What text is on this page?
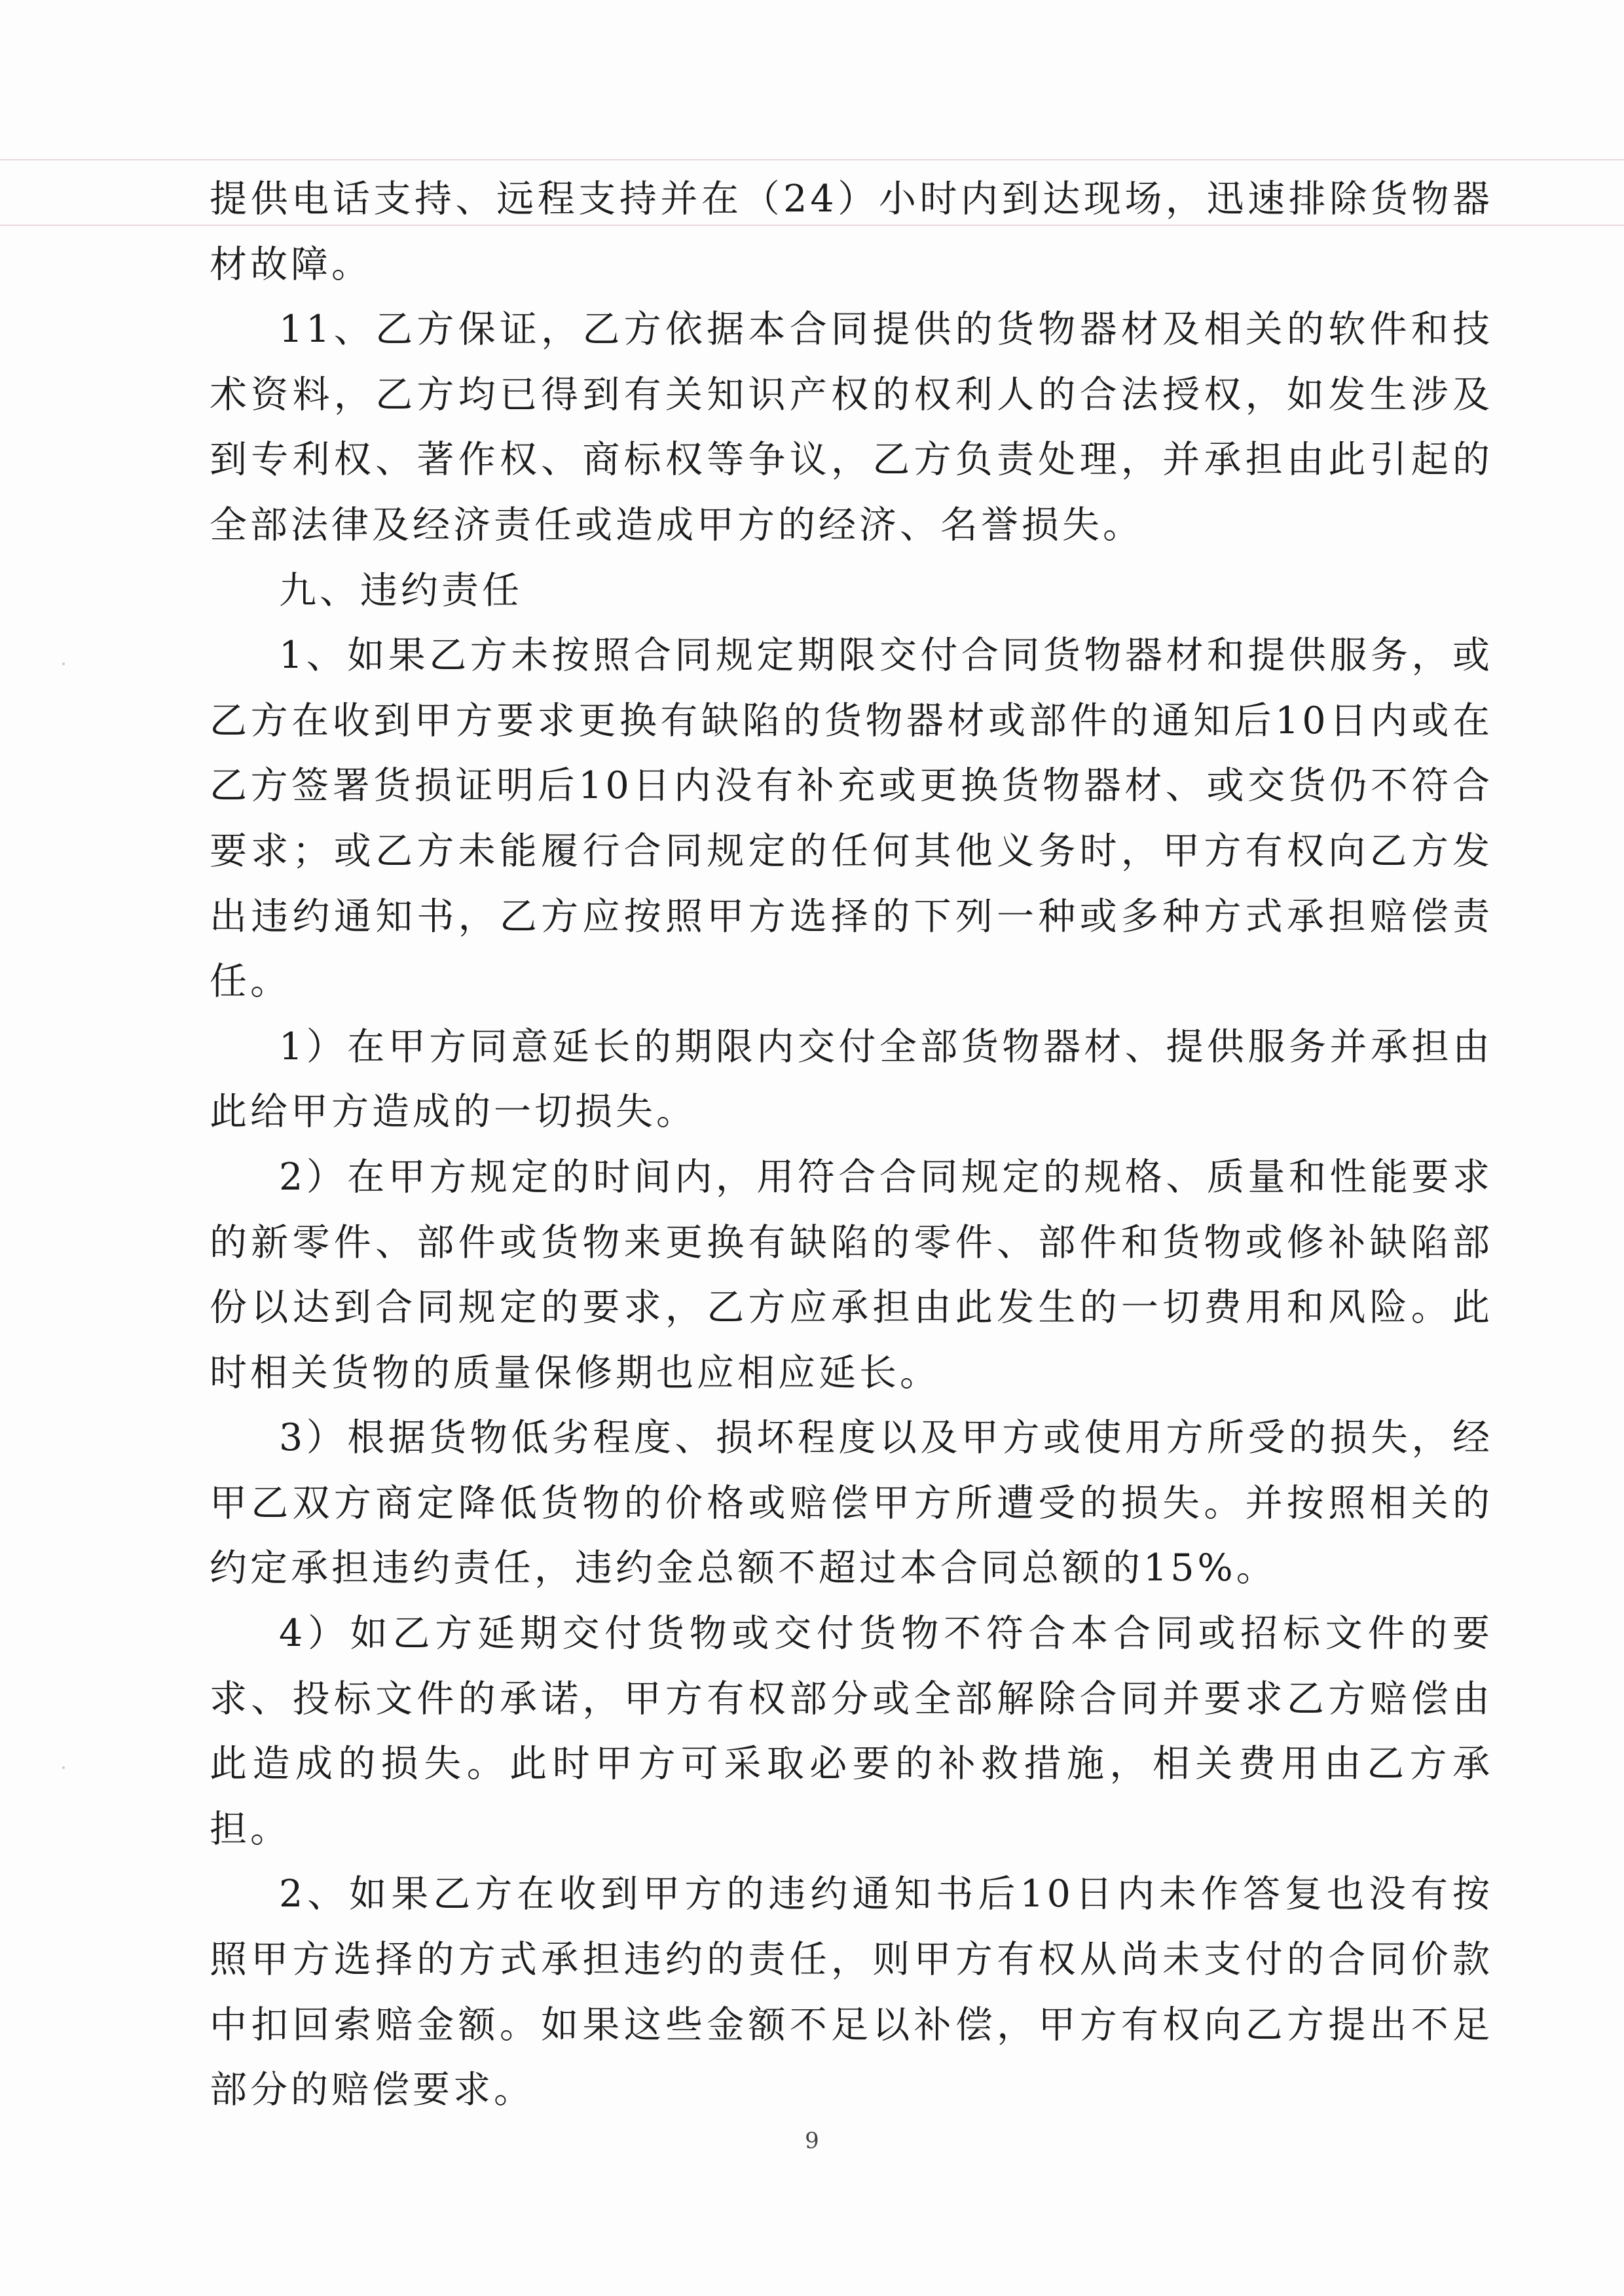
提供电话支持、远程支持并在（24）小时内到达现场，迅速排除货物器材故障。

11、乙方保证，乙方依据本合同提供的货物器材及相关的软件和技术资料，乙方均已得到有关知识产权的权利人的合法授权，如发生涉及到专利权、著作权、商标权等争议，乙方负责处理，并承担由此引起的全部法律及经济责任或造成甲方的经济、名誉损失。

九、违约责任

1、如果乙方未按照合同规定期限交付合同货物器材和提供服务，或乙方在收到甲方要求更换有缺陷的货物器材或部件的通知后10日内或在乙方签署货损证明后10日内没有补充或更换货物器材、或交货仍不符合要求；或乙方未能履行合同规定的任何其他义务时，甲方有权向乙方发出违约通知书，乙方应按照甲方选择的下列一种或多种方式承担赔偿责任。

1）在甲方同意延长的期限内交付全部货物器材、提供服务并承担由此给甲方造成的一切损失。

2）在甲方规定的时间内，用符合合同规定的规格、质量和性能要求的新零件、部件或货物来更换有缺陷的零件、部件和货物或修补缺陷部份以达到合同规定的要求，乙方应承担由此发生的一切费用和风险。此时相关货物的质量保修期也应相应延长。

3）根据货物低劣程度、损坏程度以及甲方或使用方所受的损失，经甲乙双方商定降低货物的价格或赔偿甲方所遭受的损失。并按照相关的约定承担违约责任，违约金总额不超过本合同总额的15%。

4）如乙方延期交付货物或交付货物不符合本合同或招标文件的要求、投标文件的承诺，甲方有权部分或全部解除合同并要求乙方赔偿由此造成的损失。此时甲方可采取必要的补救措施，相关费用由乙方承担。

2、如果乙方在收到甲方的违约通知书后10日内未作答复也没有按照甲方选择的方式承担违约的责任，则甲方有权从尚未支付的合同价款中扣回索赔金额。如果这些金额不足以补偿，甲方有权向乙方提出不足部分的赔偿要求。

9
